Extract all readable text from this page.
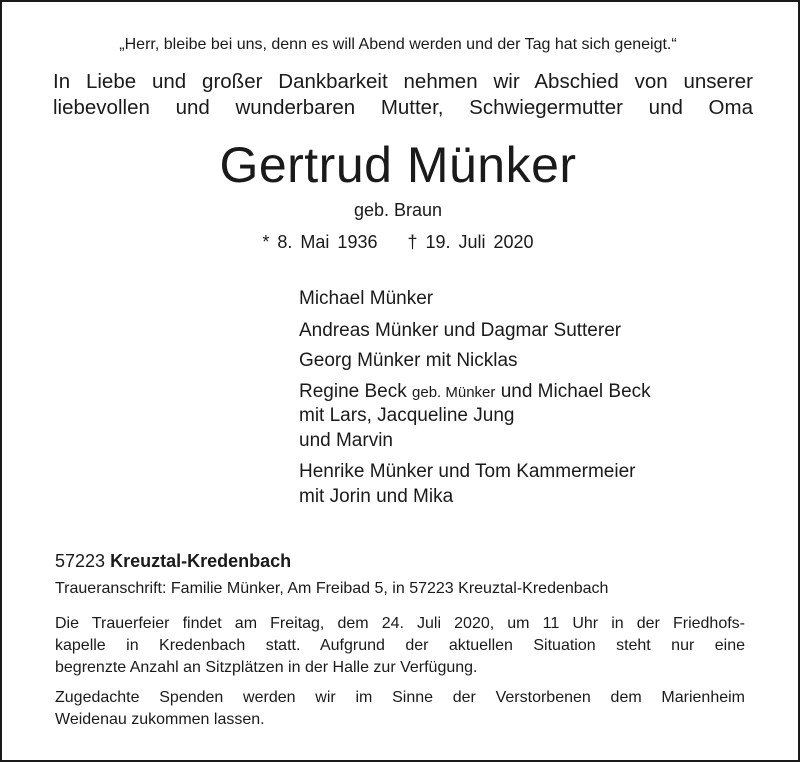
„Herr, bleibe bei uns, denn es will Abend werden und der Tag hat sich geneigt.“
In Liebe und großer Dankbarkeit nehmen wir Abschied von unserer
liebevollen und wunderbaren Mutter, Schwiegermutter und Oma
Gertrud Münker
geb. Braun
* 8. Mai 1936 † 19. Juli 2020
Michael Münker
Andreas Münker und Dagmar Sutterer
Georg Münker mit Nicklas
Regine Beck geb. Münker und Michael Beck
mit Lars, Jacqueline Jung
und Marvin
Henrike Münker und Tom Kammermeier
mit Jorin und Mika
57223 Kreuztal-Kredenbach
Traueranschrift: Familie Münker, Am Freibad 5, in 57223 Kreuztal-Kredenbach
Die Trauerfeier findet am Freitag, dem 24. Juli 2020, um 11 Uhr in der Friedhofs-
kapelle in Kredenbach statt. Aufgrund der aktuellen Situation steht nur eine
begrenzte Anzahl an Sitzplätzen in der Halle zur Verfügung.
Zugedachte Spenden werden wir im Sinne der Verstorbenen dem Marienheim
Weidenau zukommen lassen.
